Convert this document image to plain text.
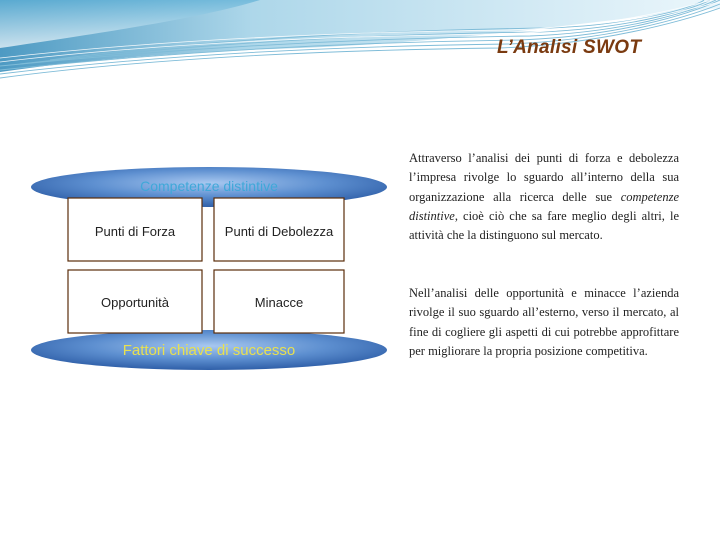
L’Analisi SWOT
Competenze distintive
Fattori chiave di successo
Punti di Forza	Punti di Debolezza
Opportunità	Minacce
Attraverso l’analisi dei punti di forza e debolezza l’impresa rivolge lo sguardo all’interno della sua organizzazione alla ricerca delle sue competenze distintive, cioè ciò che sa fare meglio degli altri, le attività che la distinguono sul mercato.
Nell’analisi delle opportunità e minacce l’azienda rivolge il suo sguardo all’esterno, verso il mercato, al fine di cogliere gli aspetti di cui potrebbe approfittare per migliorare la propria posizione competitiva.
